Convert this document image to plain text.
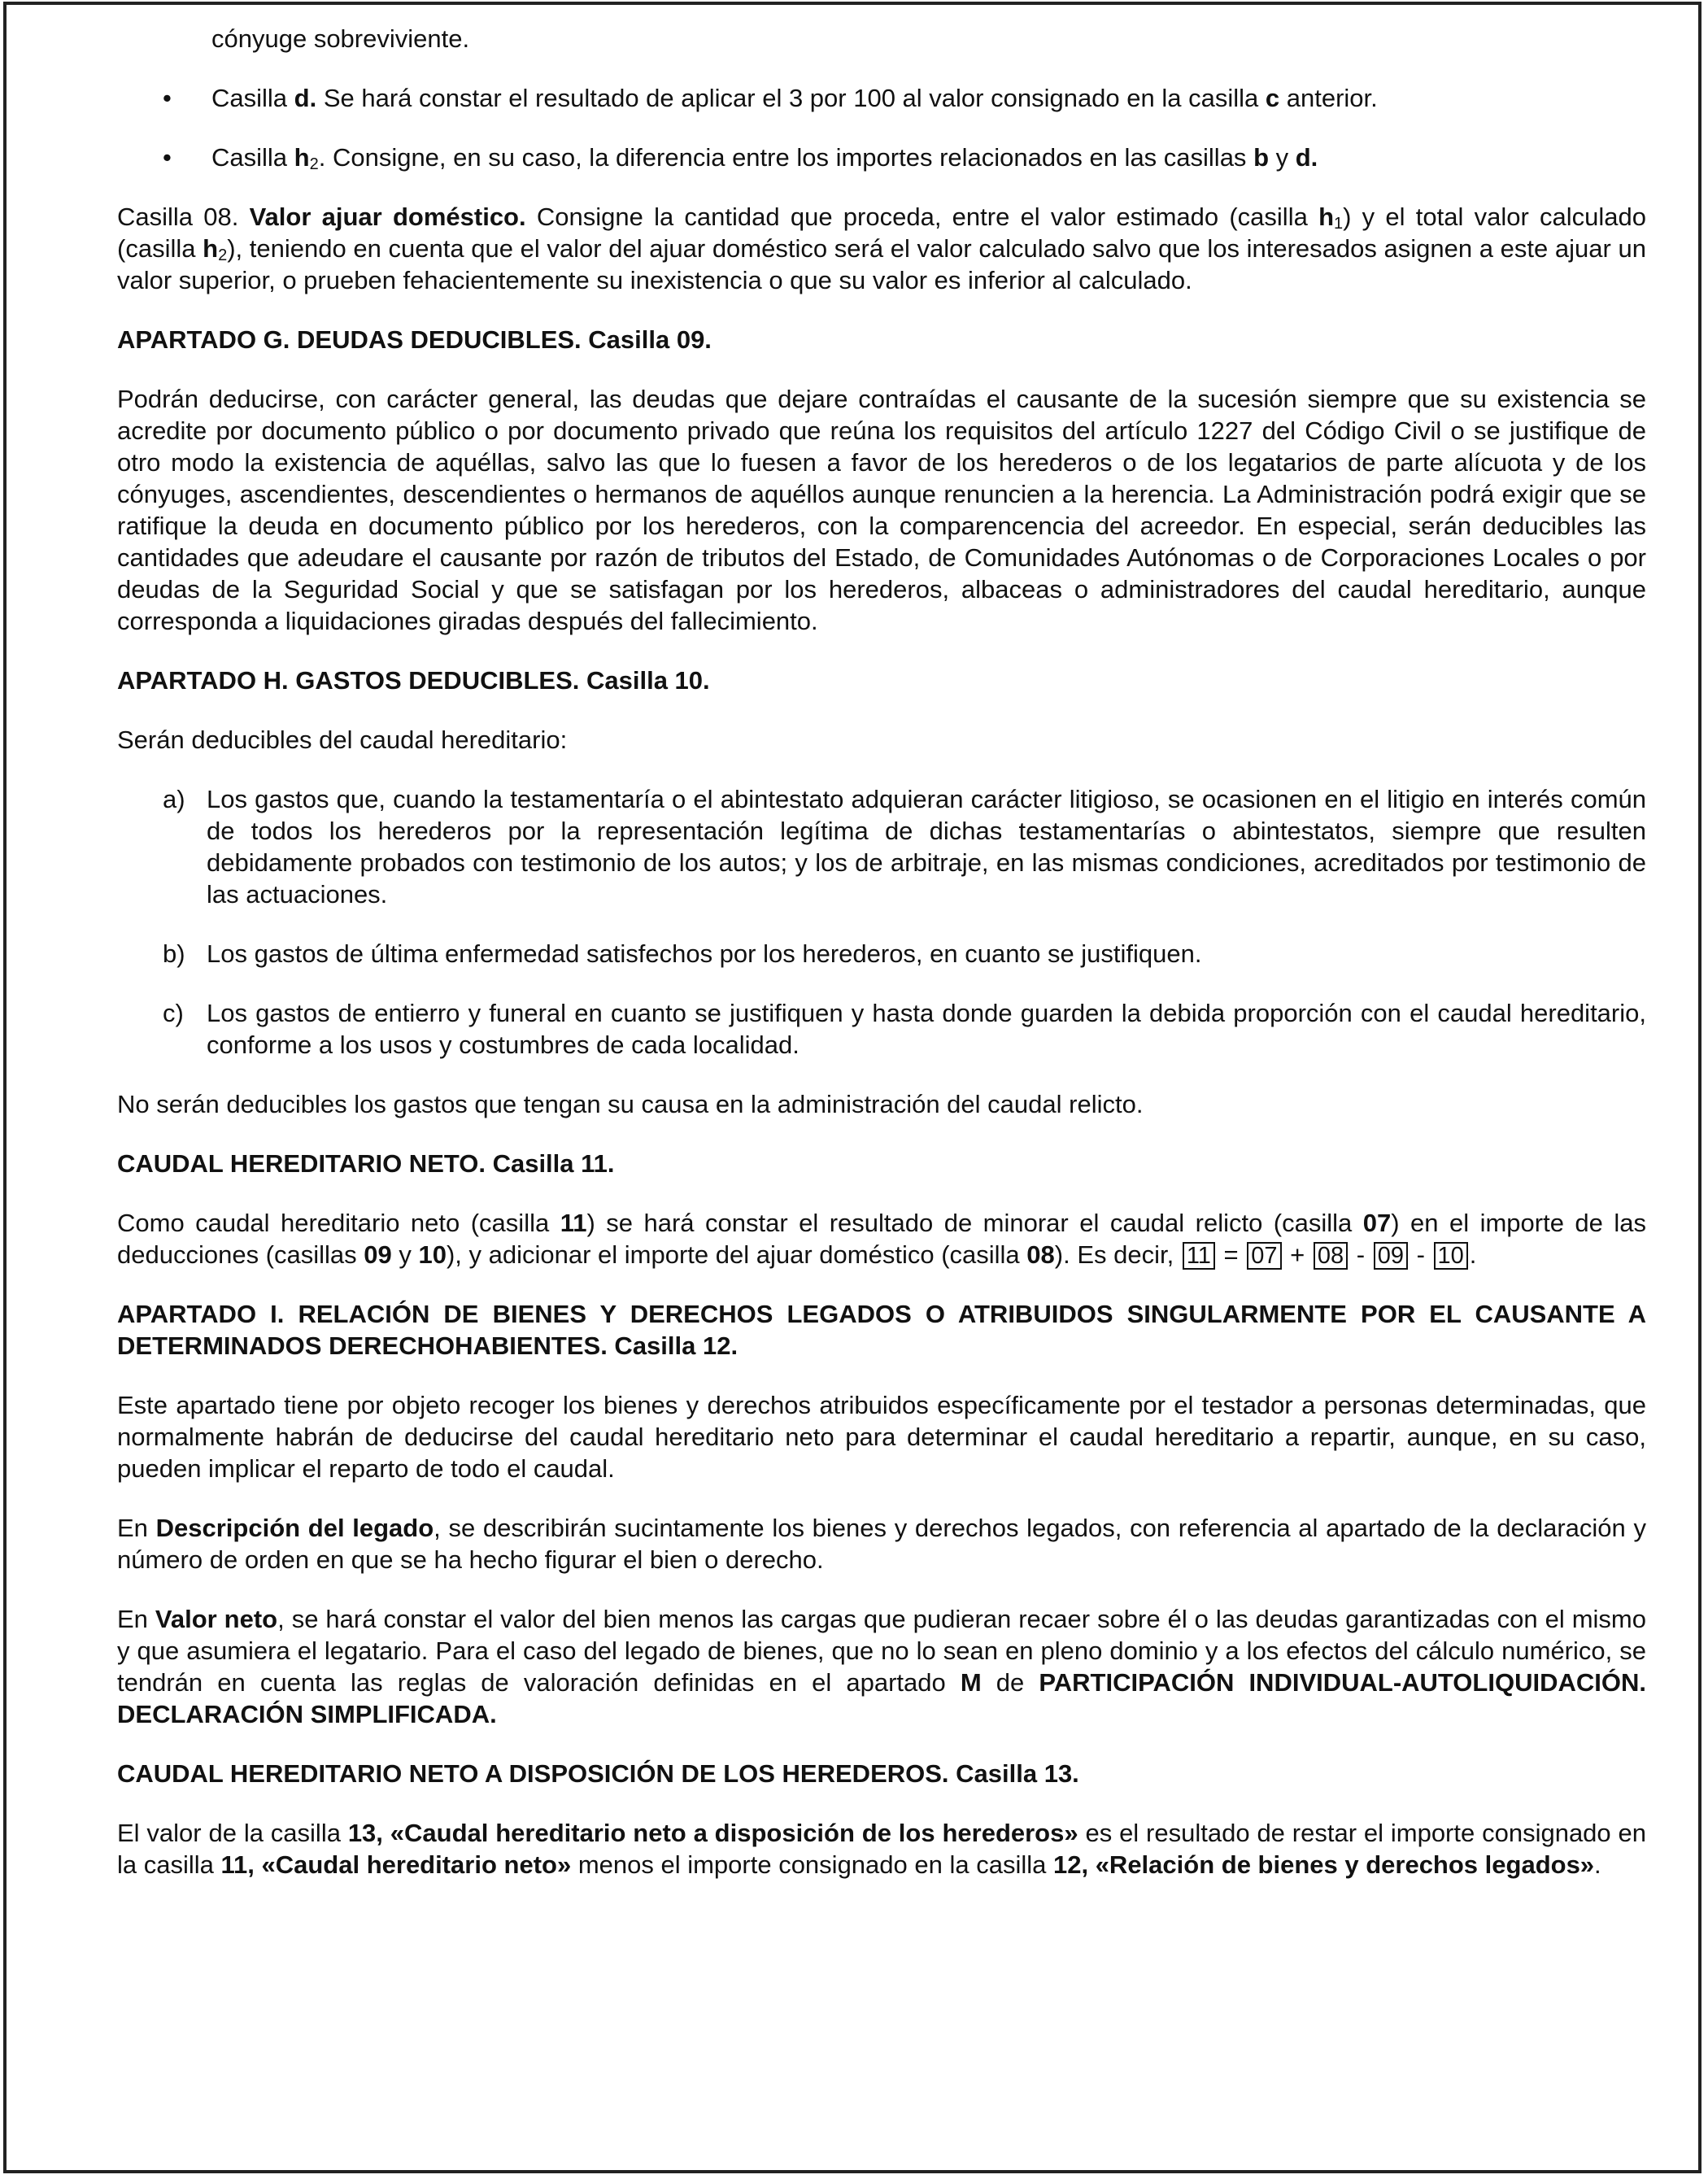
cónyuge sobreviviente.

• Casilla d. Se hará constar el resultado de aplicar el 3 por 100 al valor consignado en la casilla c anterior.

• Casilla $h_2$. Consigne, en su caso, la diferencia entre los importes relacionados en las casillas b y d.

Casilla 08. Valor ajuar doméstico. Consigne la cantidad que proceda, entre el valor estimado (casilla $h_1$) y el total valor calculado (casilla $h_2$), teniendo en cuenta que el valor del ajuar doméstico será el valor calculado salvo que los interesados asignen a este ajuar un valor superior, o prueben fehacientemente su inexistencia o que su valor es inferior al calculado.

APARTADO G. DEUDAS DEDUCIBLES. Casilla 09.

Podrán deducirse, con carácter general, las deudas que dejare contraídas el causante de la sucesión siempre que su existencia se acredite por documento público o por documento privado que reúna los requisitos del artículo 1227 del Código Civil o se justifique de otro modo la existencia de aquéllas, salvo las que lo fuesen a favor de los herederos o de los legatarios de parte alícuota y de los cónyuges, ascendientes, descendientes o hermanos de aquéllos aunque renuncien a la herencia. La Administración podrá exigir que se ratifique la deuda en documento público por los herederos, con la comparencencia del acreedor. En especial, serán deducibles las cantidades que adeudare el causante por razón de tributos del Estado, de Comunidades Autónomas o de Corporaciones Locales o por deudas de la Seguridad Social y que se satisfagan por los herederos, albaceas o administradores del caudal hereditario, aunque corresponda a liquidaciones giradas después del fallecimiento.

APARTADO H. GASTOS DEDUCIBLES. Casilla 10.

Serán deducibles del caudal hereditario:

a) Los gastos que, cuando la testamentaría o el abintestato adquieran carácter litigioso, se ocasionen en el litigio en interés común de todos los herederos por la representación legítima de dichas testamentarías o abintestatos, siempre que resulten debidamente probados con testimonio de los autos; y los de arbitraje, en las mismas condiciones, acreditados por testimonio de las actuaciones.

b) Los gastos de última enfermedad satisfechos por los herederos, en cuanto se justifiquen.

c) Los gastos de entierro y funeral en cuanto se justifiquen y hasta donde guarden la debida proporción con el caudal hereditario, conforme a los usos y costumbres de cada localidad.

No serán deducibles los gastos que tengan su causa en la administración del caudal relicto.

CAUDAL HEREDITARIO NETO. Casilla 11.

Como caudal hereditario neto (casilla 11) se hará constar el resultado de minorar el caudal relicto (casilla 07) en el importe de las deducciones (casillas 09 y 10), y adicionar el importe del ajuar doméstico (casilla 08). Es decir, 11 = 07 + 08 - 09 - 10 .

APARTADO I. RELACIÓN DE BIENES Y DERECHOS LEGADOS O ATRIBUIDOS SINGULARMENTE POR EL CAUSANTE A DETERMINADOS DERECHOHABIENTES. Casilla 12.

Este apartado tiene por objeto recoger los bienes y derechos atribuidos específicamente por el testador a personas determinadas, que normalmente habrán de deducirse del caudal hereditario neto para determinar el caudal hereditario a repartir, aunque, en su caso, pueden implicar el reparto de todo el caudal.

En Descripción del legado, se describirán sucintamente los bienes y derechos legados, con referencia al apartado de la declaración y número de orden en que se ha hecho figurar el bien o derecho.

En Valor neto, se hará constar el valor del bien menos las cargas que pudieran recaer sobre él o las deudas garantizadas con el mismo y que asumiera el legatario. Para el caso del legado de bienes, que no lo sean en pleno dominio y a los efectos del cálculo numérico, se tendrán en cuenta las reglas de valoración definidas en el apartado M de PARTICIPACIÓN INDIVIDUAL-AUTOLIQUIDACIÓN. DECLARACIÓN SIMPLIFICADA.

CAUDAL HEREDITARIO NETO A DISPOSICIÓN DE LOS HEREDEROS. Casilla 13.

El valor de la casilla 13, «Caudal hereditario neto a disposición de los herederos» es el resultado de restar el importe consignado en la casilla 11, «Caudal hereditario neto» menos el importe consignado en la casilla 12, «Relación de bienes y derechos legados».
